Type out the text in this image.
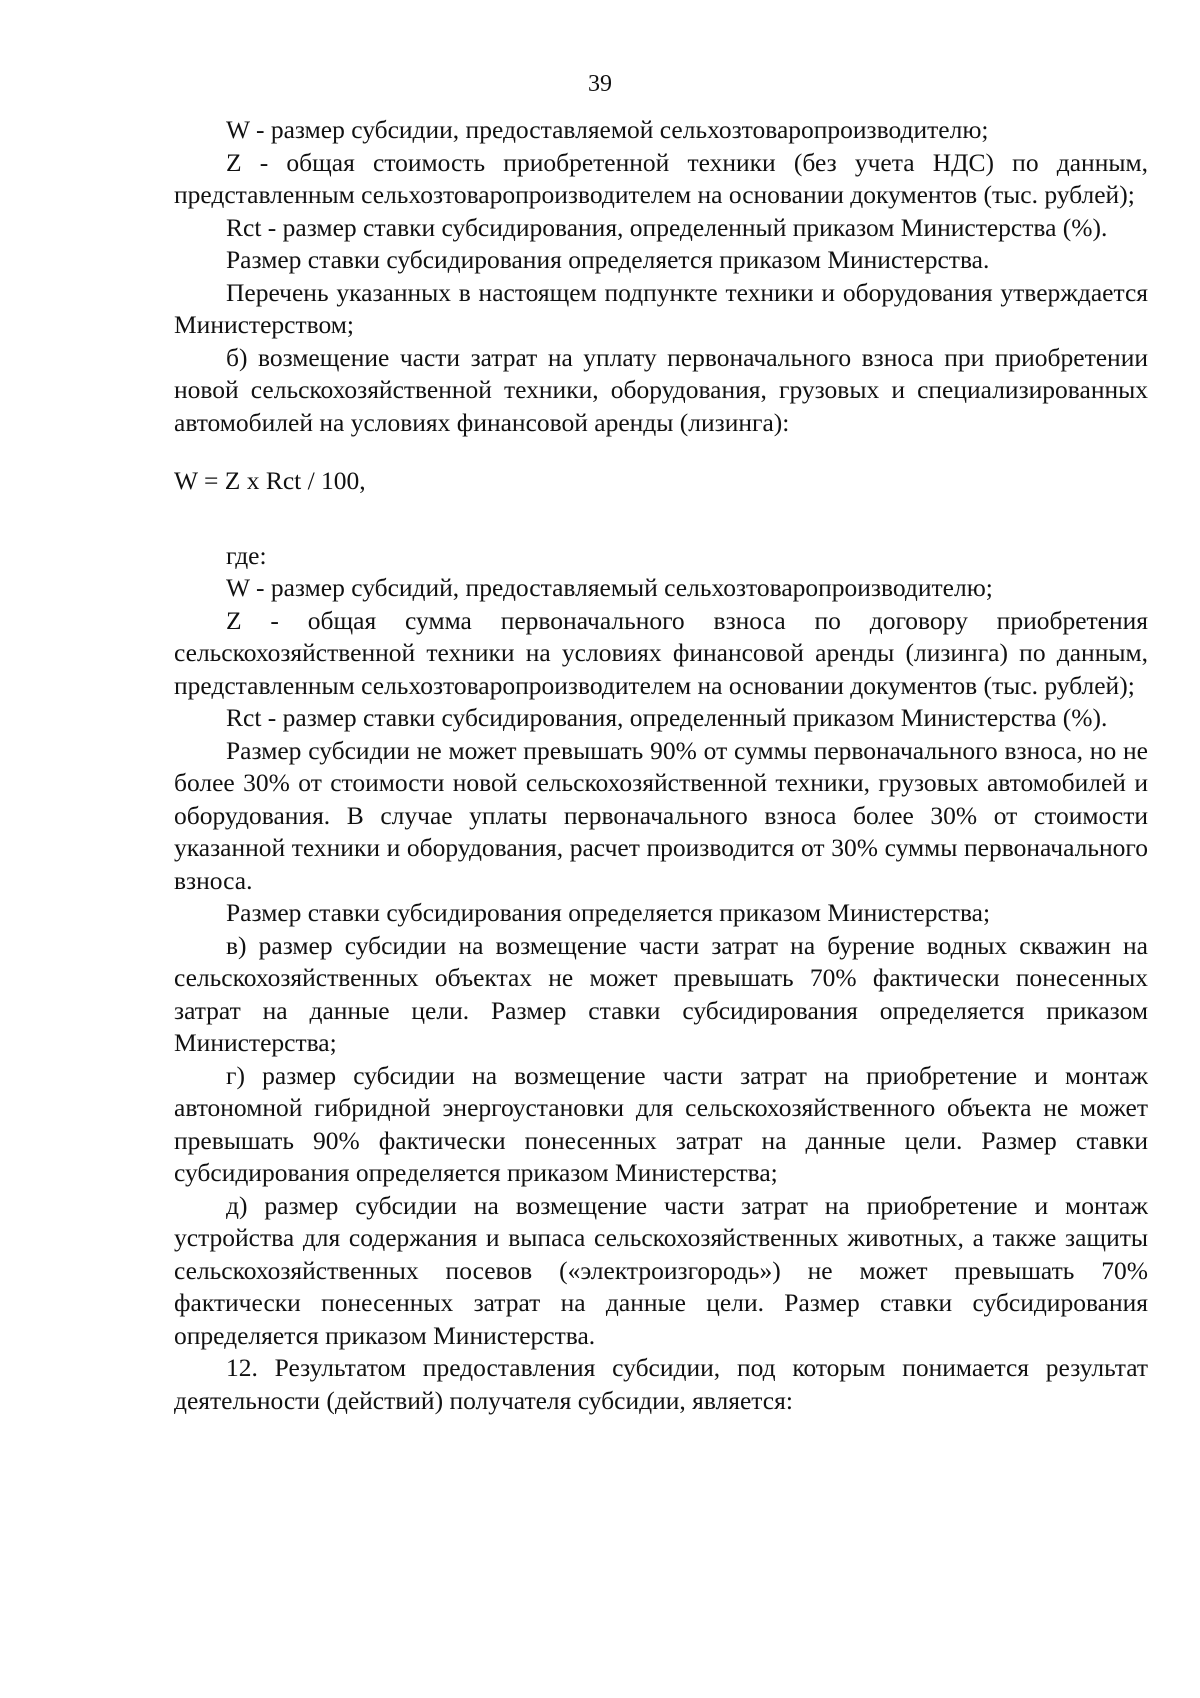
39

W - размер субсидии, предоставляемой сельхозтоваропроизводителю;

Z - общая стоимость приобретенной техники (без учета НДС) по данным, представленным сельхозтоваропроизводителем на основании документов (тыс. рублей);

Rct - размер ставки субсидирования, определенный приказом Министерства (%).

Размер ставки субсидирования определяется приказом Министерства.

Перечень указанных в настоящем подпункте техники и оборудования утверждается Министерством;

б) возмещение части затрат на уплату первоначального взноса при приобретении новой сельскохозяйственной техники, оборудования, грузовых и специализированных автомобилей на условиях финансовой аренды (лизинга):

W = Z x Rct / 100,

где:

W - размер субсидий, предоставляемый сельхозтоваропроизводителю;

Z - общая сумма первоначального взноса по договору приобретения сельскохозяйственной техники на условиях финансовой аренды (лизинга) по данным, представленным сельхозтоваропроизводителем на основании документов (тыс. рублей);

Rct - размер ставки субсидирования, определенный приказом Министерства (%).

Размер субсидии не может превышать 90% от суммы первоначального взноса, но не более 30% от стоимости новой сельскохозяйственной техники, грузовых автомобилей и оборудования. В случае уплаты первоначального взноса более 30% от стоимости указанной техники и оборудования, расчет производится от 30% суммы первоначального взноса.

Размер ставки субсидирования определяется приказом Министерства;

в) размер субсидии на возмещение части затрат на бурение водных скважин на сельскохозяйственных объектах не может превышать 70% фактически понесенных затрат на данные цели. Размер ставки субсидирования определяется приказом Министерства;

г) размер субсидии на возмещение части затрат на приобретение и монтаж автономной гибридной энергоустановки для сельскохозяйственного объекта не может превышать 90% фактически понесенных затрат на данные цели. Размер ставки субсидирования определяется приказом Министерства;

д) размер субсидии на возмещение части затрат на приобретение и монтаж устройства для содержания и выпаса сельскохозяйственных животных, а также защиты сельскохозяйственных посевов («электроизгородь») не может превышать 70% фактически понесенных затрат на данные цели. Размер ставки субсидирования определяется приказом Министерства.

12. Результатом предоставления субсидии, под которым понимается результат деятельности (действий) получателя субсидии, является:
